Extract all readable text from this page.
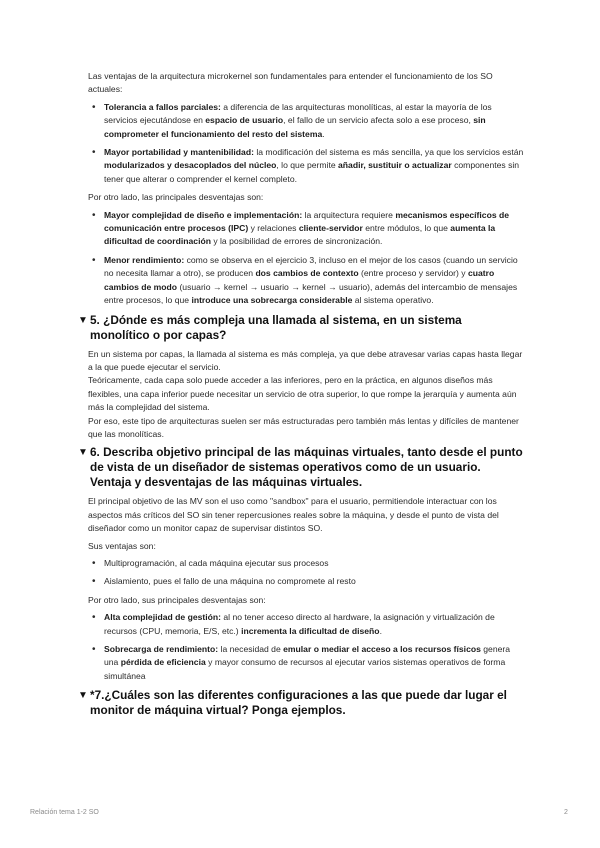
Las ventajas de la arquitectura microkernel son fundamentales para entender el funcionamiento de los SO actuales:

• Tolerancia a fallos parciales: a diferencia de las arquitecturas monolíticas, al estar la mayoría de los servicios ejecutándose en espacio de usuario, el fallo de un servicio afecta solo a ese proceso, sin comprometer el funcionamiento del resto del sistema.
• Mayor portabilidad y mantenibilidad: la modificación del sistema es más sencilla, ya que los servicios están modularizados y desacoplados del núcleo, lo que permite añadir, sustituir o actualizar componentes sin tener que alterar o comprender el kernel completo.

Por otro lado, las principales desventajas son:

• Mayor complejidad de diseño e implementación: la arquitectura requiere mecanismos específicos de comunicación entre procesos (IPC) y relaciones cliente-servidor entre módulos, lo que aumenta la dificultad de coordinación y la posibilidad de errores de sincronización.
• Menor rendimiento: como se observa en el ejercicio 3, incluso en el mejor de los casos (cuando un servicio no necesita llamar a otro), se producen dos cambios de contexto (entre proceso y servidor) y cuatro cambios de modo (usuario → kernel → usuario → kernel → usuario), además del intercambio de mensajes entre procesos, lo que introduce una sobrecarga considerable al sistema operativo.
▼ 5. ¿Dónde es más compleja una llamada al sistema, en un sistema monolítico o por capas?

En un sistema por capas, la llamada al sistema es más compleja, ya que debe atravesar varias capas hasta llegar a la que puede ejecutar el servicio.

Teóricamente, cada capa solo puede acceder a las inferiores, pero en la práctica, en algunos diseños más flexibles, una capa inferior puede necesitar un servicio de otra superior, lo que rompe la jerarquía y aumenta aún más la complejidad del sistema.

Por eso, este tipo de arquitecturas suelen ser más estructuradas pero también más lentas y difíciles de mantener que las monolíticas.

▼ 6. Describa objetivo principal de las máquinas virtuales, tanto desde el punto de vista de un diseñador de sistemas operativos como de un usuario. Ventaja y desventajas de las máquinas virtuales.

El principal objetivo de las MV son el uso como "sandbox" para el usuario, permitiendole interactuar con los aspectos más críticos del SO sin tener repercusiones reales sobre la máquina, y desde el punto de vista del diseñador como un monitor capaz de supervisar distintos SO.

Sus ventajas son:

• Multiprogramación, al cada máquina ejecutar sus procesos
• Aislamiento, pues el fallo de una máquina no compromete al resto

Por otro lado, sus principales desventajas son:

• Alta complejidad de gestión: al no tener acceso directo al hardware, la asignación y virtualización de recursos (CPU, memoria, E/S, etc.) incrementa la dificultad de diseño.
• Sobrecarga de rendimiento: la necesidad de emular o mediar el acceso a los recursos físicos genera una pérdida de eficiencia y mayor consumo de recursos al ejecutar varios sistemas operativos de forma simultánea
▼ *7.¿Cuáles son las diferentes configuraciones a las que puede dar lugar el monitor de máquina virtual? Ponga ejemplos.
Relación tema 1-2 SO	2
